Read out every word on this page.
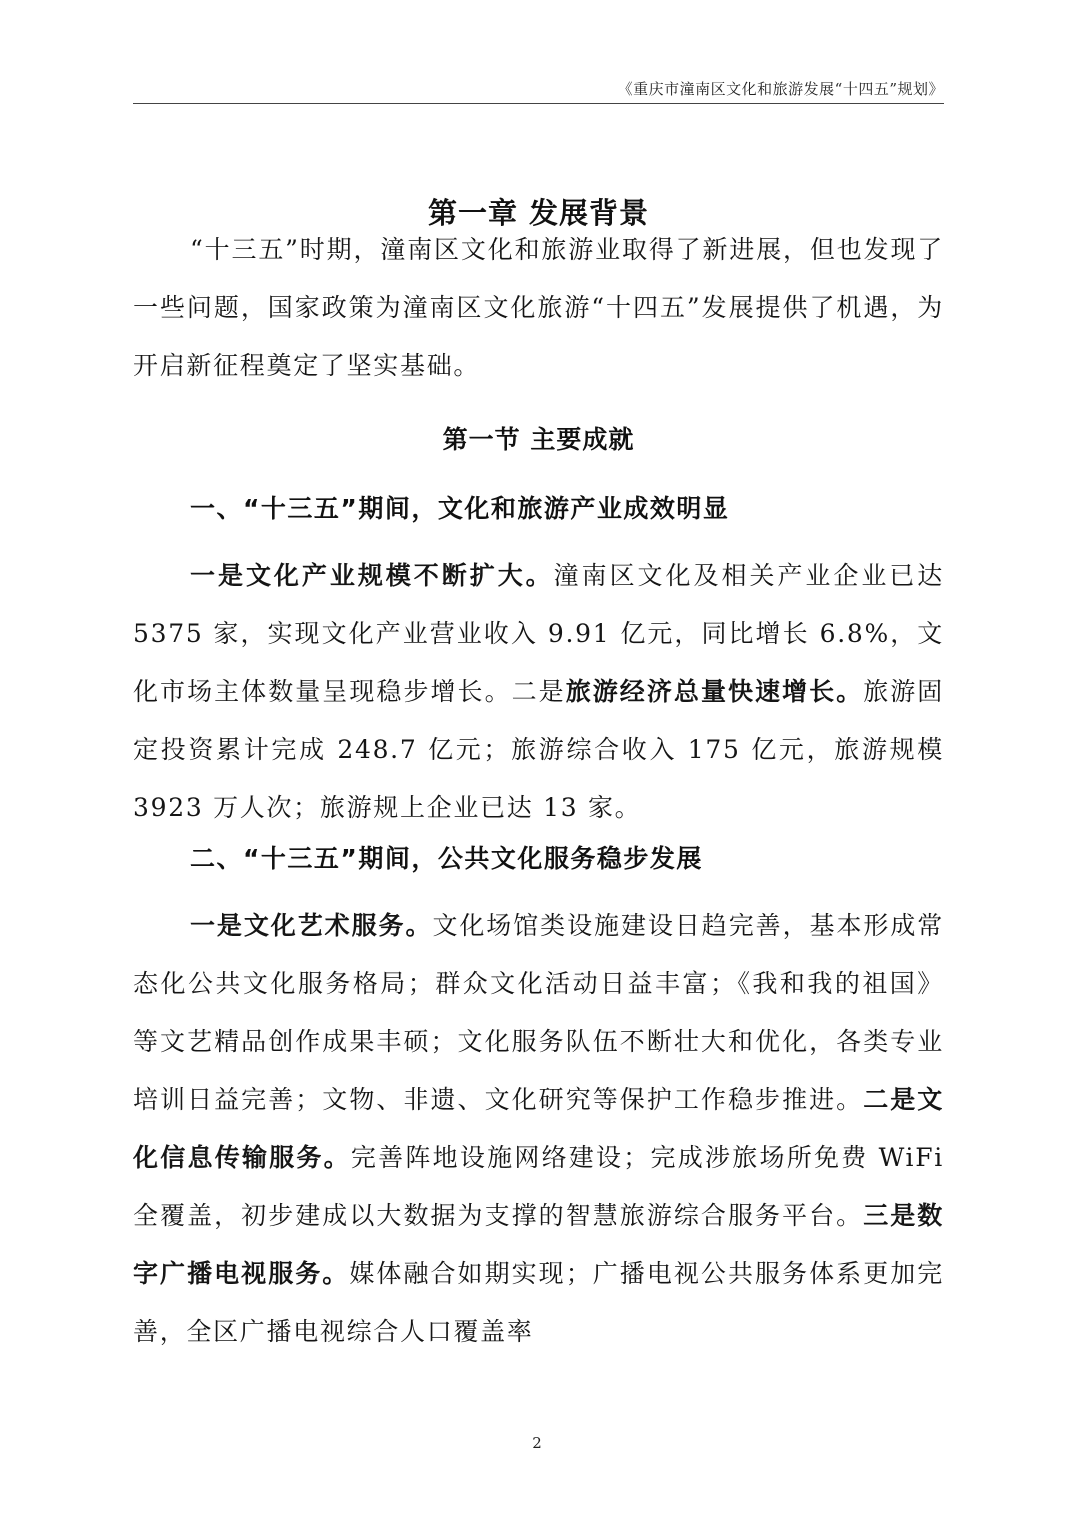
《重庆市潼南区文化和旅游发展“十四五”规划》
第一章 发展背景

“十三五”时期，潼南区文化和旅游业取得了新进展，但也发现了一些问题，国家政策为潼南区文化旅游“十四五”发展提供了机遇，为开启新征程奠定了坚实基础。

第一节 主要成就
一、“十三五”期间，文化和旅游产业成效明显

一是文化产业规模不断扩大。潼南区文化及相关产业企业已达 5375 家，实现文化产业营业收入 9.91 亿元，同比增长 6.8%，文化市场主体数量呈现稳步增长。二是旅游经济总量快速增长。旅游固定投资累计完成 248.7 亿元；旅游综合收入 175 亿元，旅游规模 3923 万人次；旅游规上企业已达 13 家。

二、“十三五”期间，公共文化服务稳步发展

一是文化艺术服务。文化场馆类设施建设日趋完善，基本形成常态化公共文化服务格局；群众文化活动日益丰富；《我和我的祖国》等文艺精品创作成果丰硕；文化服务队伍不断壮大和优化，各类专业培训日益完善；文物、非遗、文化研究等保护工作稳步推进。二是文化信息传输服务。完善阵地设施网络建设；完成涉旅场所免费 WiFi 全覆盖，初步建成以大数据为支撑的智慧旅游综合服务平台。三是数字广播电视服务。媒体融合如期实现；广播电视公共服务体系更加完善，全区广播电视综合人口覆盖率

2
